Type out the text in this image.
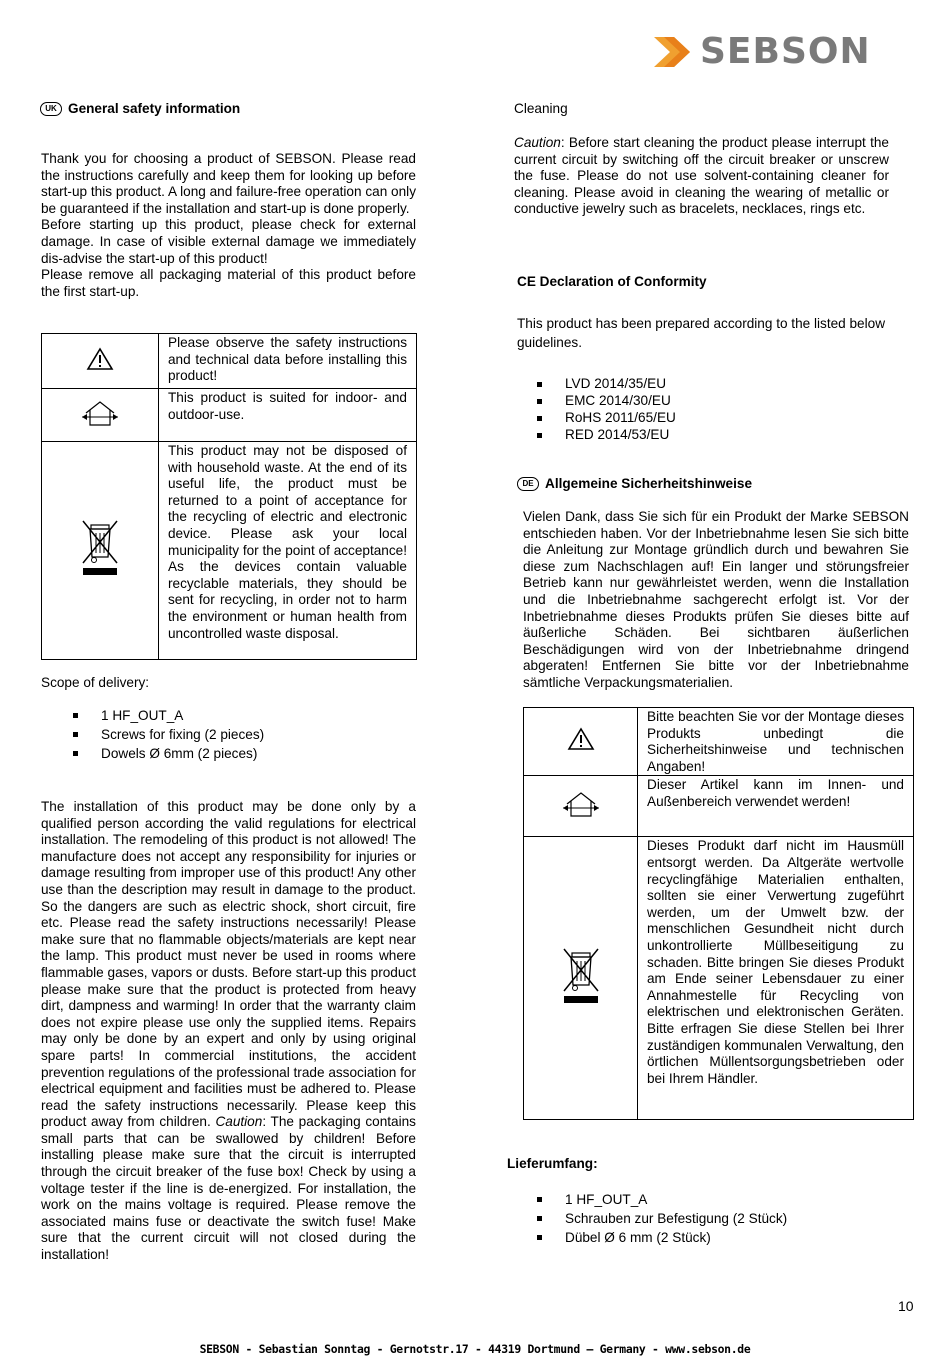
SEBSON
UK General safety information

Thank you for choosing a product of SEBSON. Please read the instructions carefully and keep them for looking up before start-up this product. A long and failure-free operation can only be guaranteed if the installation and start-up is done properly.

Before starting up this product, please check for external damage. In case of visible external damage we immediately dis-advise the start-up of this product!

Please remove all packaging material of this product before the first start-up.

	Please observe the safety instructions and technical data before installing this product!
	This product is suited for indoor- and outdoor-use.
	This product may not be disposed of with household waste. At the end of its useful life, the product must be returned to a point of acceptance for the recycling of electric and electronic device. Please ask your local municipality for the point of acceptance! As the devices contain valuable recyclable materials, they should be sent for recycling, in order not to harm the environment or human health from uncontrolled waste disposal.
Scope of delivery:
1 HF_OUT_A
Screws for fixing (2 pieces)
Dowels Ø 6mm (2 pieces)
The installation of this product may be done only by a qualified person according the valid regulations for electrical installation. The remodeling of this product is not allowed! The manufacture does not accept any responsibility for injuries or damage resulting from improper use of this product! Any other use than the description may result in damage to the product. So the dangers are such as electric shock, short circuit, fire etc. Please read the safety instructions necessarily! Please make sure that no flammable objects/materials are kept near the lamp. This product must never be used in rooms where flammable gases, vapors or dusts. Before start-up this product please make sure that the product is protected from heavy dirt, dampness and warming! In order that the warranty claim does not expire please use only the supplied items. Repairs may only be done by an expert and only by using original spare parts! In commercial institutions, the accident prevention regulations of the professional trade association for electrical equipment and facilities must be adhered to. Please read the safety instructions necessarily. Please keep this product away from children. Caution: The packaging contains small parts that can be swallowed by children! Before installing please make sure that the circuit is interrupted through the circuit breaker of the fuse box! Check by using a voltage tester if the line is de-energized. For installation, the work on the mains voltage is required. Please remove the associated mains fuse or deactivate the switch fuse! Make sure that the current circuit will not closed during the installation!
Cleaning
Caution: Before start cleaning the product please interrupt the current circuit by switching off the circuit breaker or unscrew the fuse. Please do not use solvent-containing cleaner for cleaning. Please avoid in cleaning the wearing of metallic or conductive jewelry such as bracelets, necklaces, rings etc.
CE Declaration of Conformity
This product has been prepared according to the listed below guidelines.
LVD 2014/35/EU
EMC 2014/30/EU
RoHS 2011/65/EU
RED 2014/53/EU
DE Allgemeine Sicherheitshinweise
Vielen Dank, dass Sie sich für ein Produkt der Marke SEBSON entschieden haben. Vor der Inbetriebnahme lesen Sie sich bitte die Anleitung zur Montage gründlich durch und bewahren Sie diese zum Nachschlagen auf! Ein langer und störungsfreier Betrieb kann nur gewährleistet werden, wenn die Installation und die Inbetriebnahme sachgerecht erfolgt ist. Vor der Inbetriebnahme dieses Produkts prüfen Sie dieses bitte auf äußerliche Schäden. Bei sichtbaren äußerlichen Beschädigungen wird von der Inbetriebnahme dringend abgeraten! Entfernen Sie bitte vor der Inbetriebnahme sämtliche Verpackungsmaterialien.
	Bitte beachten Sie vor der Montage dieses Produkts unbedingt die Sicherheitshinweise und technischen Angaben!
	Dieser Artikel kann im Innen- und Außenbereich verwendet werden!
	Dieses Produkt darf nicht im Hausmüll entsorgt werden. Da Altgeräte wertvolle recyclingfähige Materialien enthalten, sollten sie einer Verwertung zugeführt werden, um der Umwelt bzw. der menschlichen Gesundheit nicht durch unkontrollierte Müllbeseitigung zu schaden. Bitte bringen Sie dieses Produkt am Ende seiner Lebensdauer zu einer Annahmestelle für Recycling von elektrischen und elektronischen Geräten. Bitte erfragen Sie diese Stellen bei Ihrer zuständigen kommunalen Verwaltung, den örtlichen Müllentsorgungsbetrieben oder bei Ihrem Händler.
Lieferumfang:
1 HF_OUT_A
Schrauben zur Befestigung (2 Stück)
Dübel Ø 6 mm (2 Stück)
10
SEBSON - Sebastian Sonntag - Gernotstr.17 - 44319 Dortmund – Germany - www.sebson.de
